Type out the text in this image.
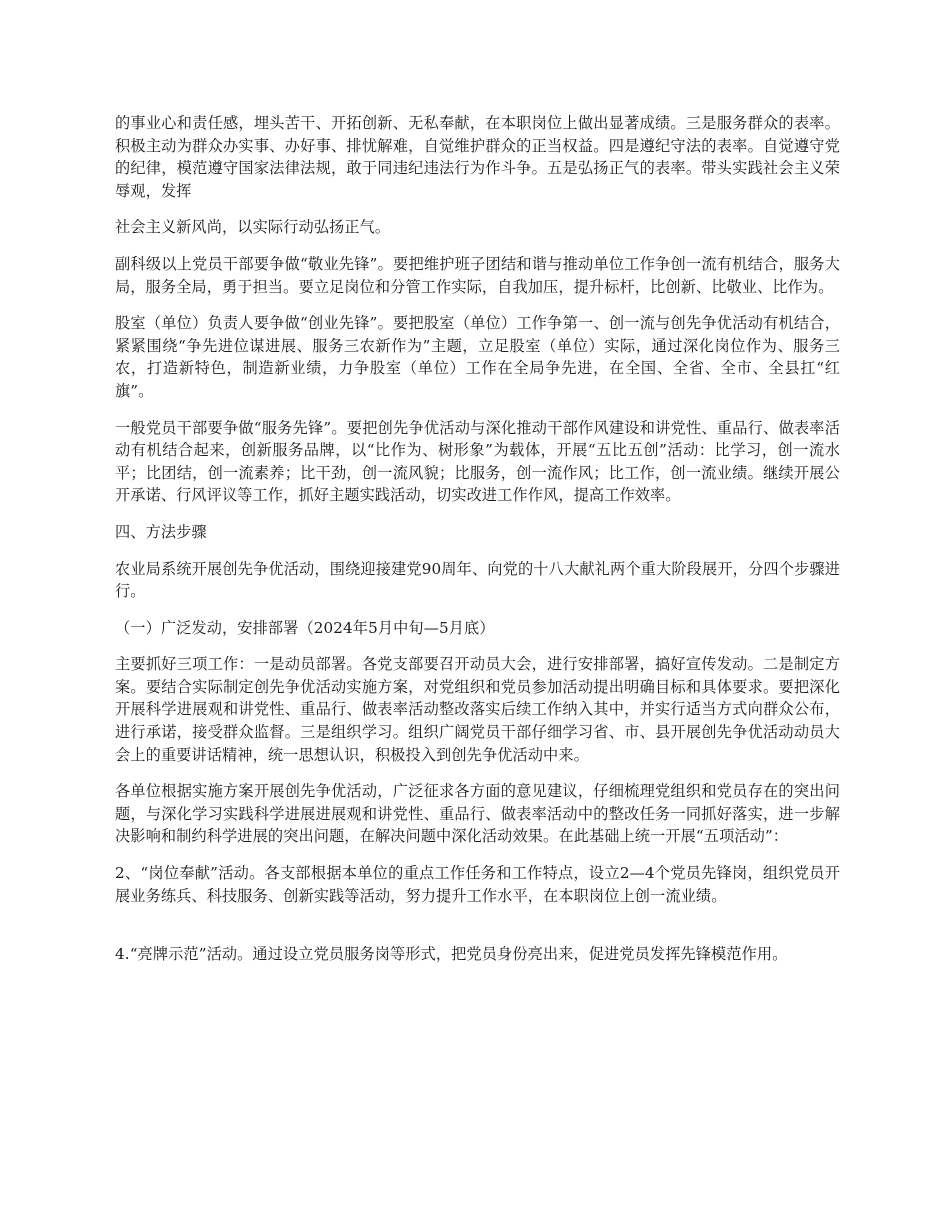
的事业心和责任感，埋头苦干、开拓创新、无私奉献，在本职岗位上做出显著成绩。三是服务群众的表率。积极主动为群众办实事、办好事、排忧解难，自觉维护群众的正当权益。四是遵纪守法的表率。自觉遵守党的纪律，模范遵守国家法律法规，敢于同违纪违法行为作斗争。五是弘扬正气的表率。带头实践社会主义荣辱观，发挥

社会主义新风尚，以实际行动弘扬正气。

副科级以上党员干部要争做“敬业先锋”。要把维护班子团结和谐与推动单位工作争创一流有机结合，服务大局，服务全局，勇于担当。要立足岗位和分管工作实际，自我加压，提升标杆，比创新、比敬业、比作为。

股室（单位）负责人要争做“创业先锋”。要把股室（单位）工作争第一、创一流与创先争优活动有机结合，紧紧围绕“争先进位谋进展、服务三农新作为”主题，立足股室（单位）实际，通过深化岗位作为、服务三农，打造新特色，制造新业绩，力争股室（单位）工作在全局争先进，在全国、全省、全市、全县扛“红旗”。

一般党员干部要争做“服务先锋”。要把创先争优活动与深化推动干部作风建设和讲党性、重品行、做表率活动有机结合起来，创新服务品牌，以“比作为、树形象”为载体，开展“五比五创”活动：比学习，创一流水平；比团结，创一流素养；比干劲，创一流风貌；比服务，创一流作风；比工作，创一流业绩。继续开展公开承诺、行风评议等工作，抓好主题实践活动，切实改进工作作风，提高工作效率。

四、方法步骤

农业局系统开展创先争优活动，围绕迎接建党90周年、向党的十八大献礼两个重大阶段展开，分四个步骤进行。

（一）广泛发动，安排部署（2024年5月中旬—5月底）

主要抓好三项工作：一是动员部署。各党支部要召开动员大会，进行安排部署，搞好宣传发动。二是制定方案。要结合实际制定创先争优活动实施方案，对党组织和党员参加活动提出明确目标和具体要求。要把深化开展科学进展观和讲党性、重品行、做表率活动整改落实后续工作纳入其中，并实行适当方式向群众公布，进行承诺，接受群众监督。三是组织学习。组织广阔党员干部仔细学习省、市、县开展创先争优活动动员大会上的重要讲话精神，统一思想认识，积极投入到创先争优活动中来。

各单位根据实施方案开展创先争优活动，广泛征求各方面的意见建议，仔细梳理党组织和党员存在的突出问题，与深化学习实践科学进展进展观和讲党性、重品行、做表率活动中的整改任务一同抓好落实，进一步解决影响和制约科学进展的突出问题，在解决问题中深化活动效果。在此基础上统一开展“五项活动”：

2、“岗位奉献”活动。各支部根据本单位的重点工作任务和工作特点，设立2—4个党员先锋岗，组织党员开展业务练兵、科技服务、创新实践等活动，努力提升工作水平，在本职岗位上创一流业绩。

4.“亮牌示范”活动。通过设立党员服务岗等形式，把党员身份亮出来，促进党员发挥先锋模范作用。
